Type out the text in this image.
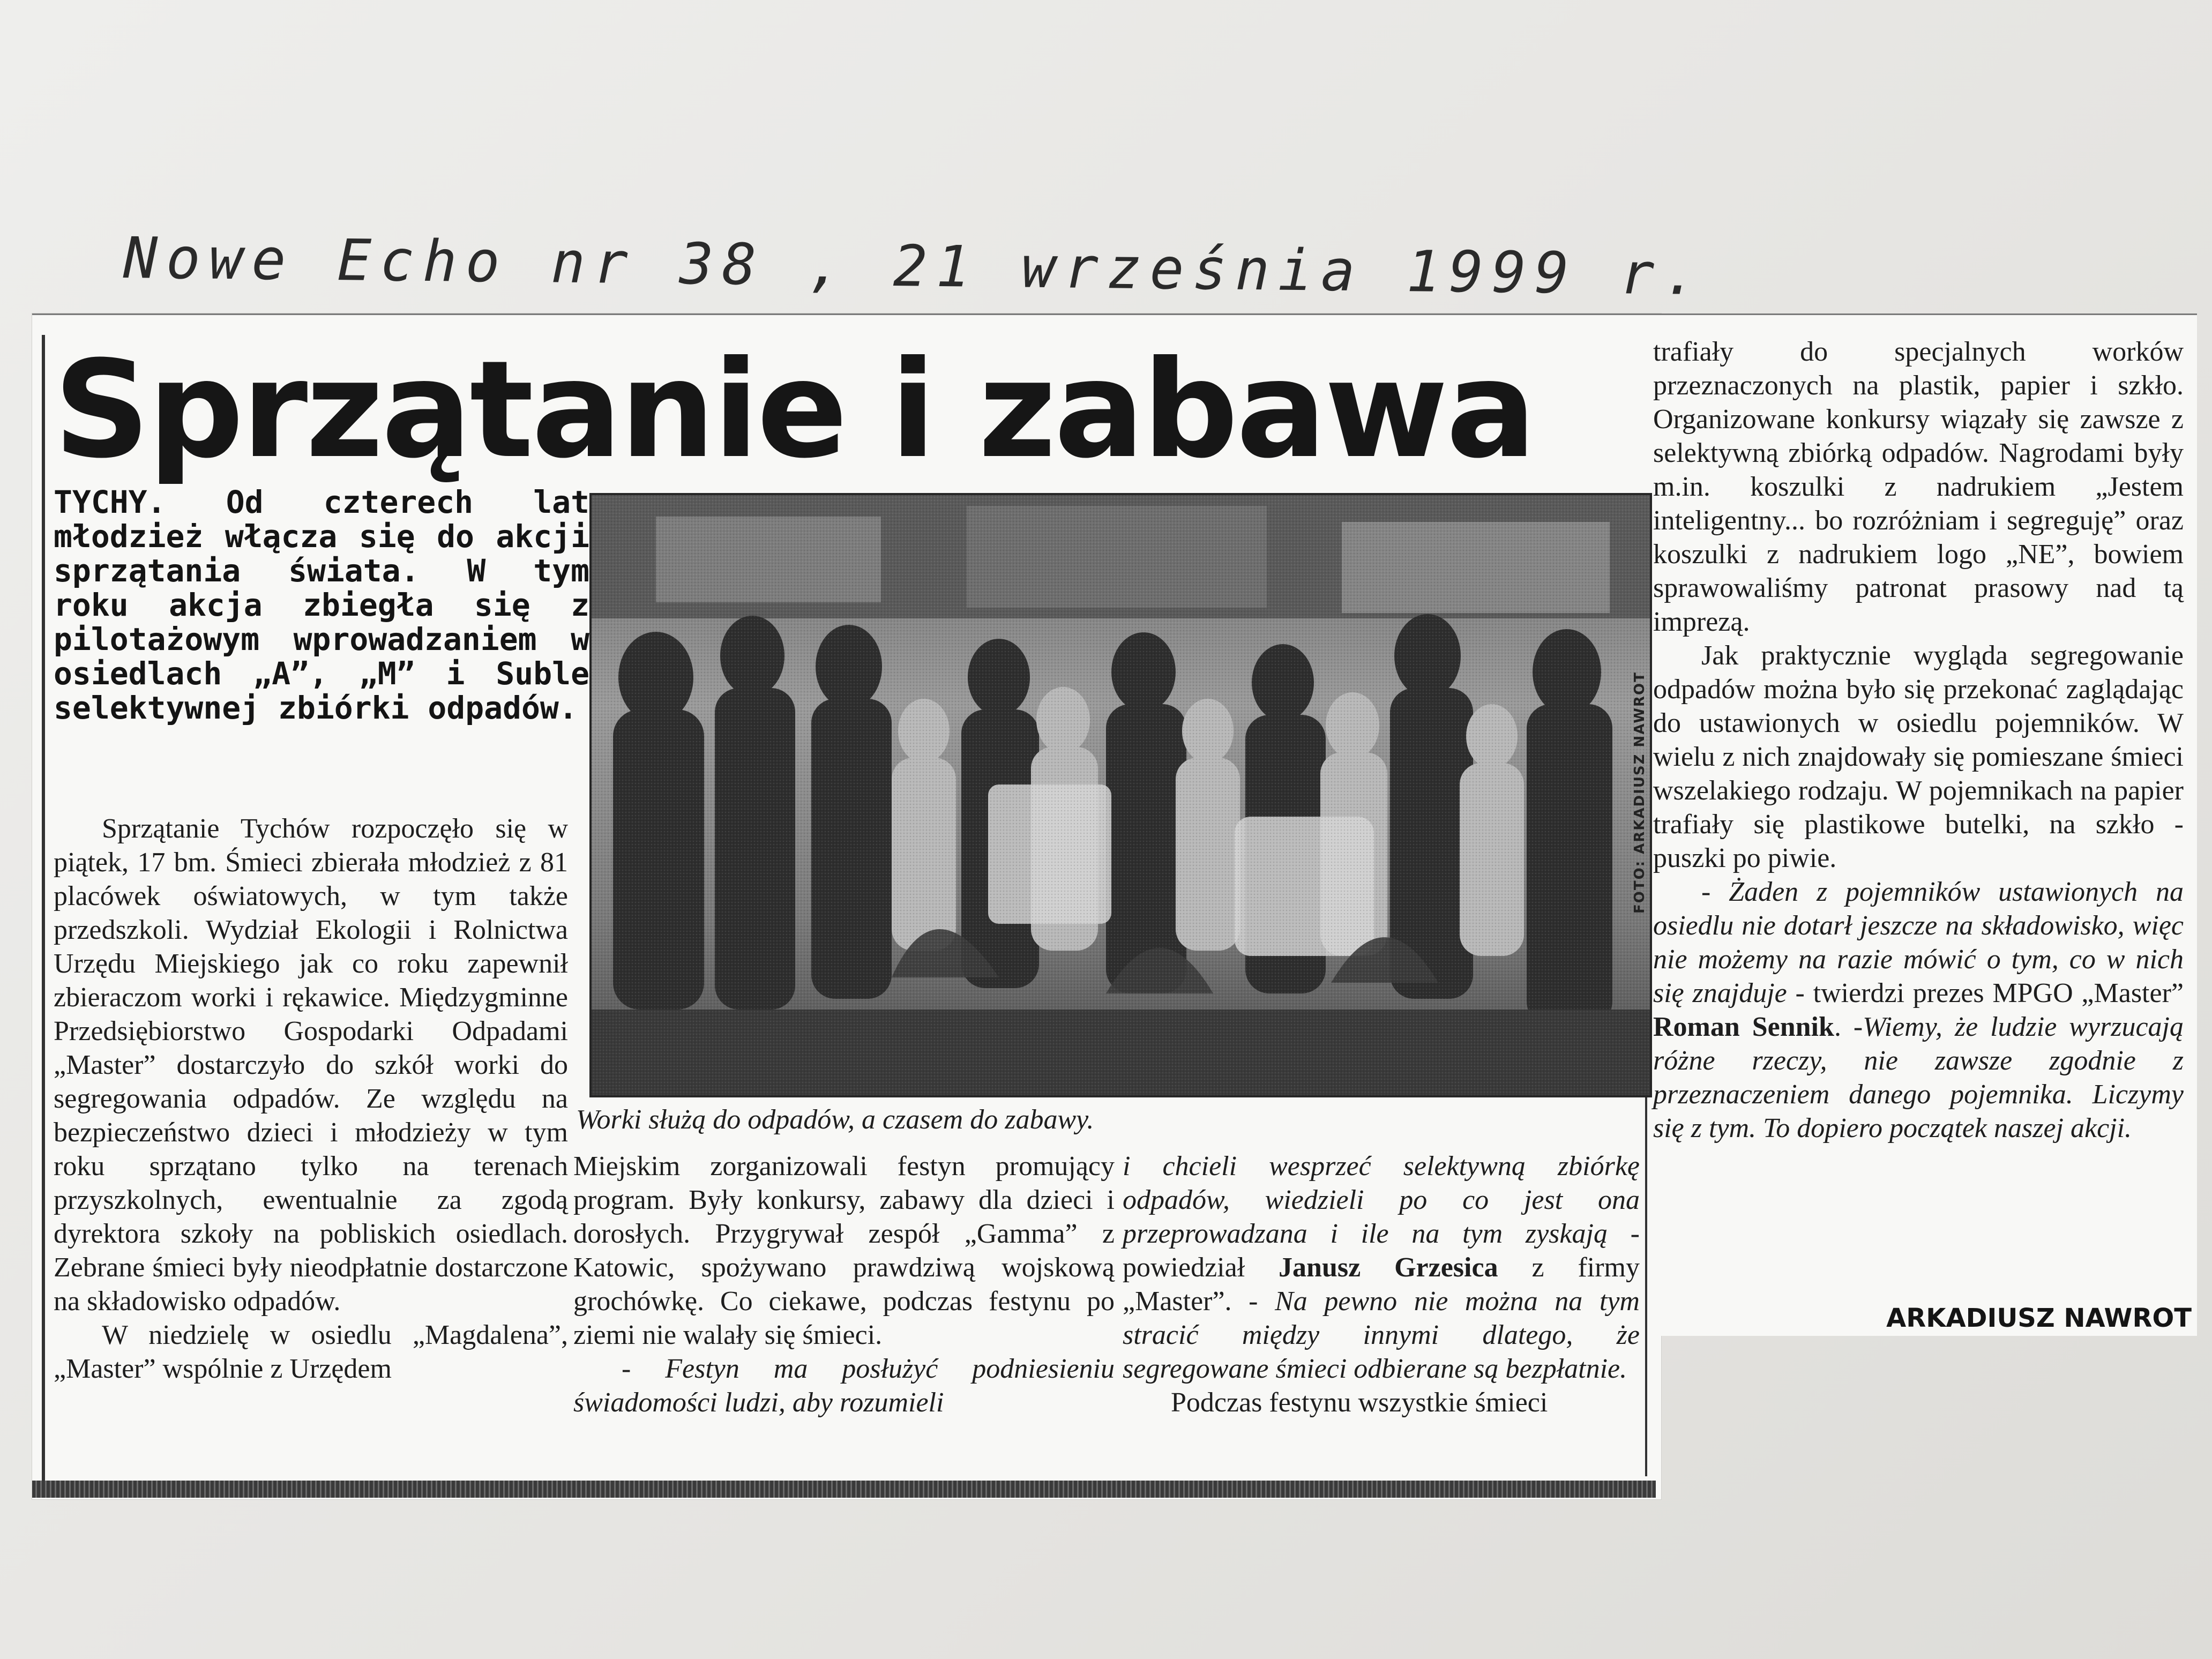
Nowe Echo nr 38 , 21 września 1999 r.
Sprzątanie i zabawa
TYCHY. Od czterech lat młodzież włącza się do akcji sprzątania świata. W tym roku akcja zbiegła się z pilotażowym wprowadzaniem w osiedlach „A”, „M” i Suble selektywnej zbiórki odpadów.	FOTO: ARKADIUSZ NAWROT
Worki służą do odpadów, a czasem do zabawy.

Sprzątanie Tychów rozpoczęło się w piątek, 17 bm. Śmieci zbierała młodzież z 81 placówek oświatowych, w tym także przedszkoli. Wydział Ekologii i Rolnictwa Urzędu Miejskiego jak co roku zapewnił zbieraczom worki i rękawice. Międzygminne Przedsiębiorstwo Gospodarki Odpadami „Master” dostarczyło do szkół worki do segregowania odpadów. Ze względu na bezpieczeństwo dzieci i młodzieży w tym roku sprzątano tylko na terenach przyszkolnych, ewentualnie za zgodą dyrektora szkoły na pobliskich osiedlach. Zebrane śmieci były nieodpłatnie dostarczone na składowisko odpadów.

W niedzielę w osiedlu „Magdalena”, „Master” wspólnie z Urzędem

Miejskim zorganizowali festyn promujący program. Były konkursy, zabawy dla dzieci i dorosłych. Przygrywał zespół „Gamma” z Katowic, spożywano prawdziwą wojskową grochówkę. Co ciekawe, podczas festynu po ziemi nie walały się śmieci.

- Festyn ma posłużyć podniesieniu świadomości ludzi, aby rozumieli

i chcieli wesprzeć selektywną zbiórkę odpadów, wiedzieli po co jest ona przeprowadzana i ile na tym zyskają - powiedział Janusz Grzesica z firmy „Master”. - Na pewno nie można na tym stracić między innymi dlatego, że segregowane śmieci odbierane są bezpłatnie.

Podczas festynu wszystkie śmieci

trafiały do specjalnych worków przeznaczonych na plastik, papier i szkło. Organizowane konkursy wiązały się zawsze z selektywną zbiórką odpadów. Nagrodami były m.in. koszulki z nadrukiem „Jestem inteligentny... bo rozróżniam i segreguję” oraz koszulki z nadrukiem logo „NE”, bowiem sprawowaliśmy patronat prasowy nad tą imprezą.

Jak praktycznie wygląda segregowanie odpadów można było się przekonać zaglądając do ustawionych w osiedlu pojemników. W wielu z nich znajdowały się pomieszane śmieci wszelakiego rodzaju. W pojemnikach na papier trafiały się plastikowe butelki, na szkło - puszki po piwie.

- Żaden z pojemników ustawionych na osiedlu nie dotarł jeszcze na składowisko, więc nie możemy na razie mówić o tym, co w nich się znajduje - twierdzi prezes MPGO „Master” Roman Sennik. -Wiemy, że ludzie wyrzucają różne rzeczy, nie zawsze zgodnie z przeznaczeniem danego pojemnika. Liczymy się z tym. To dopiero początek naszej akcji.

ARKADIUSZ NAWROT
